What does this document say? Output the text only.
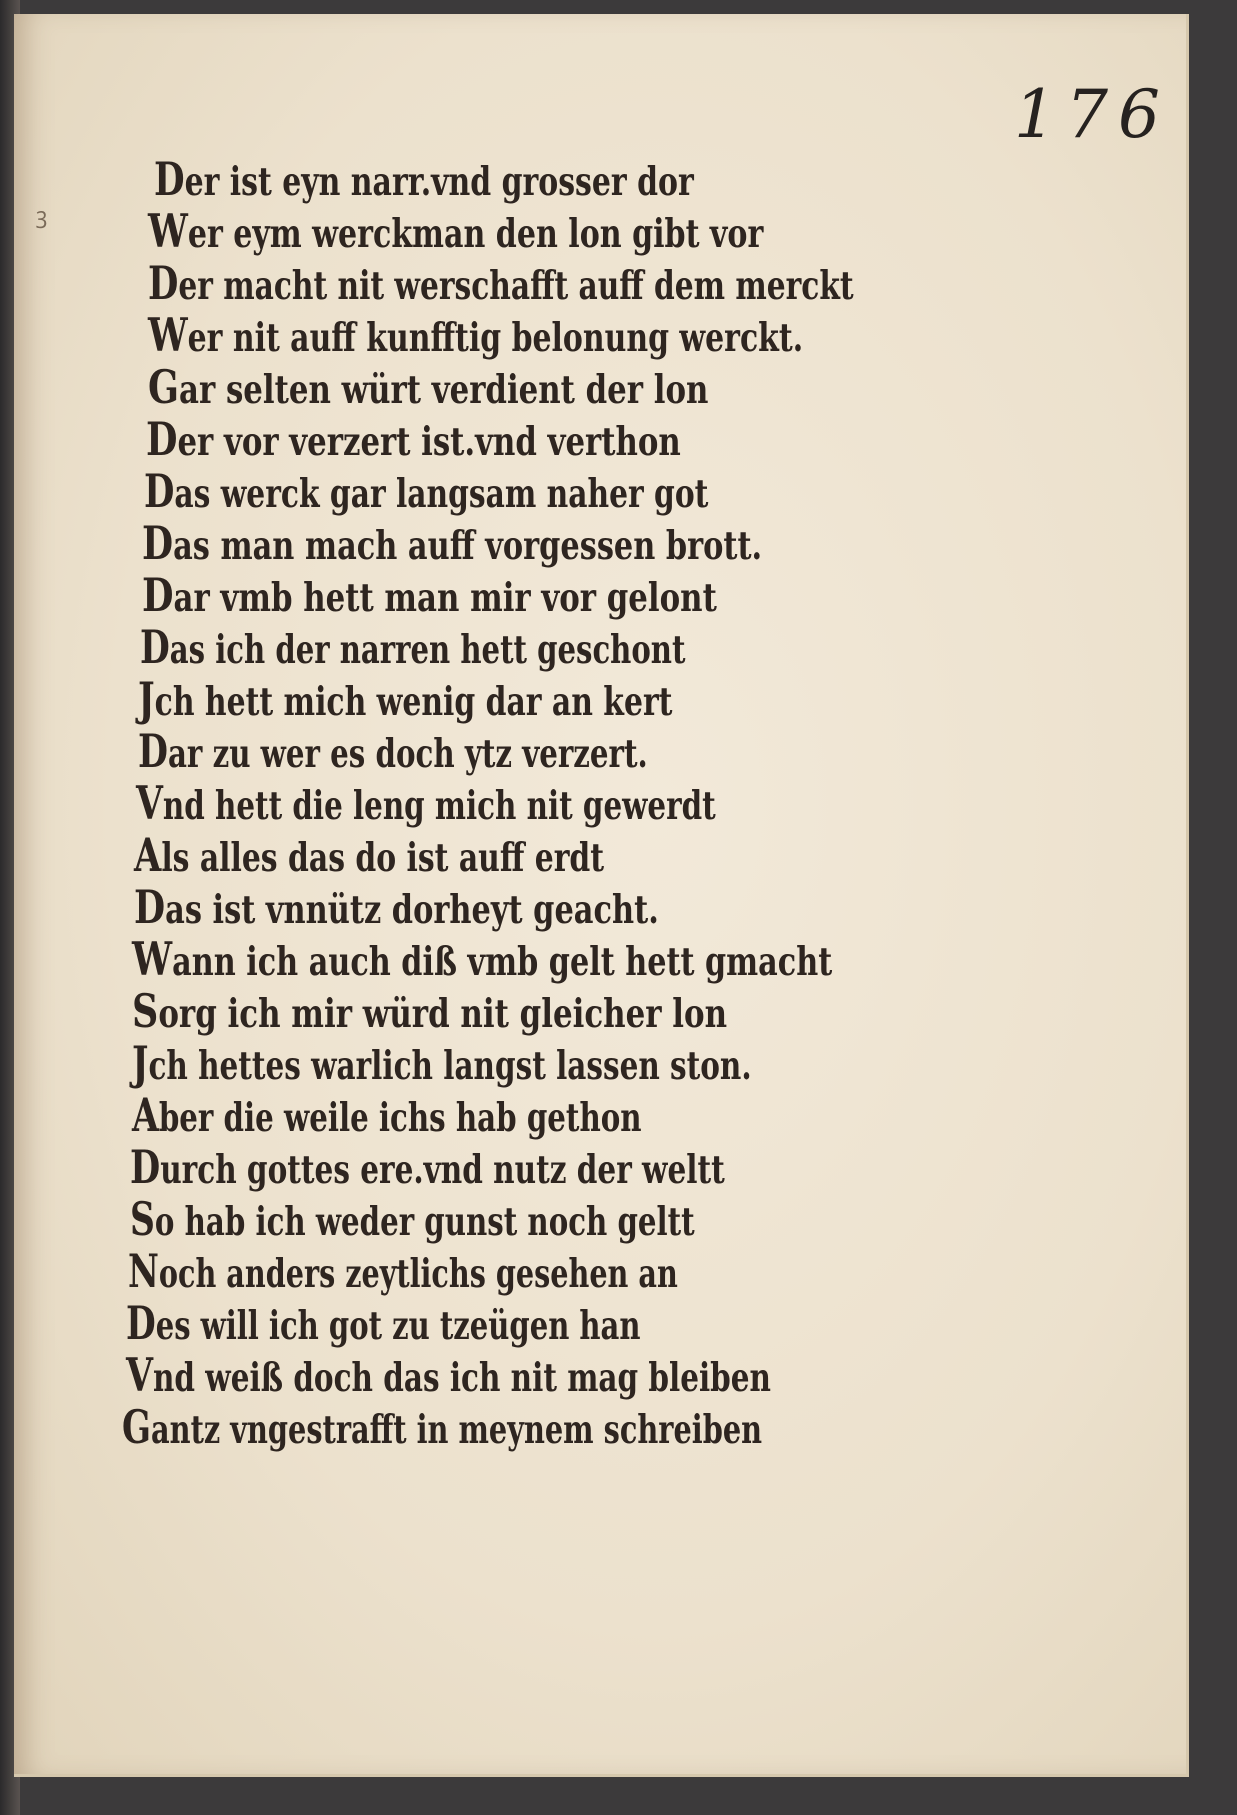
176
ꝫ
Der ist eyn narr.vnd grosser dor
Wer eym werckman den lon gibt vor
Der macht nit werschafft auff dem merckt
Wer nit auff kunfftig belonung werckt.
Gar selten würt verdient der lon
Der vor verzert ist.vnd verthon
Das werck gar langsam naher got
Das man mach auff vorgessen brott.
Dar vmb hett man mir vor gelont
Das ich der narren hett geschont
Jch hett mich wenig dar an kert
Dar zu wer es doch ytz verzert.
Vnd hett die leng mich nit gewerdt
Als alles das do ist auff erdt
Das ist vnnütz dorheyt geacht.
Wann ich auch diß vmb gelt hett gmacht
Sorg ich mir würd nit gleicher lon
Jch hettes warlich langst lassen ston.
Aber die weile ichs hab gethon
Durch gottes ere.vnd nutz der weltt
So hab ich weder gunst noch geltt
Noch anders zeytlichs gesehen an
Des will ich got zu tzeügen han
Vnd weiß doch das ich nit mag bleiben
Gantz vngestrafft in meynem schreiben
